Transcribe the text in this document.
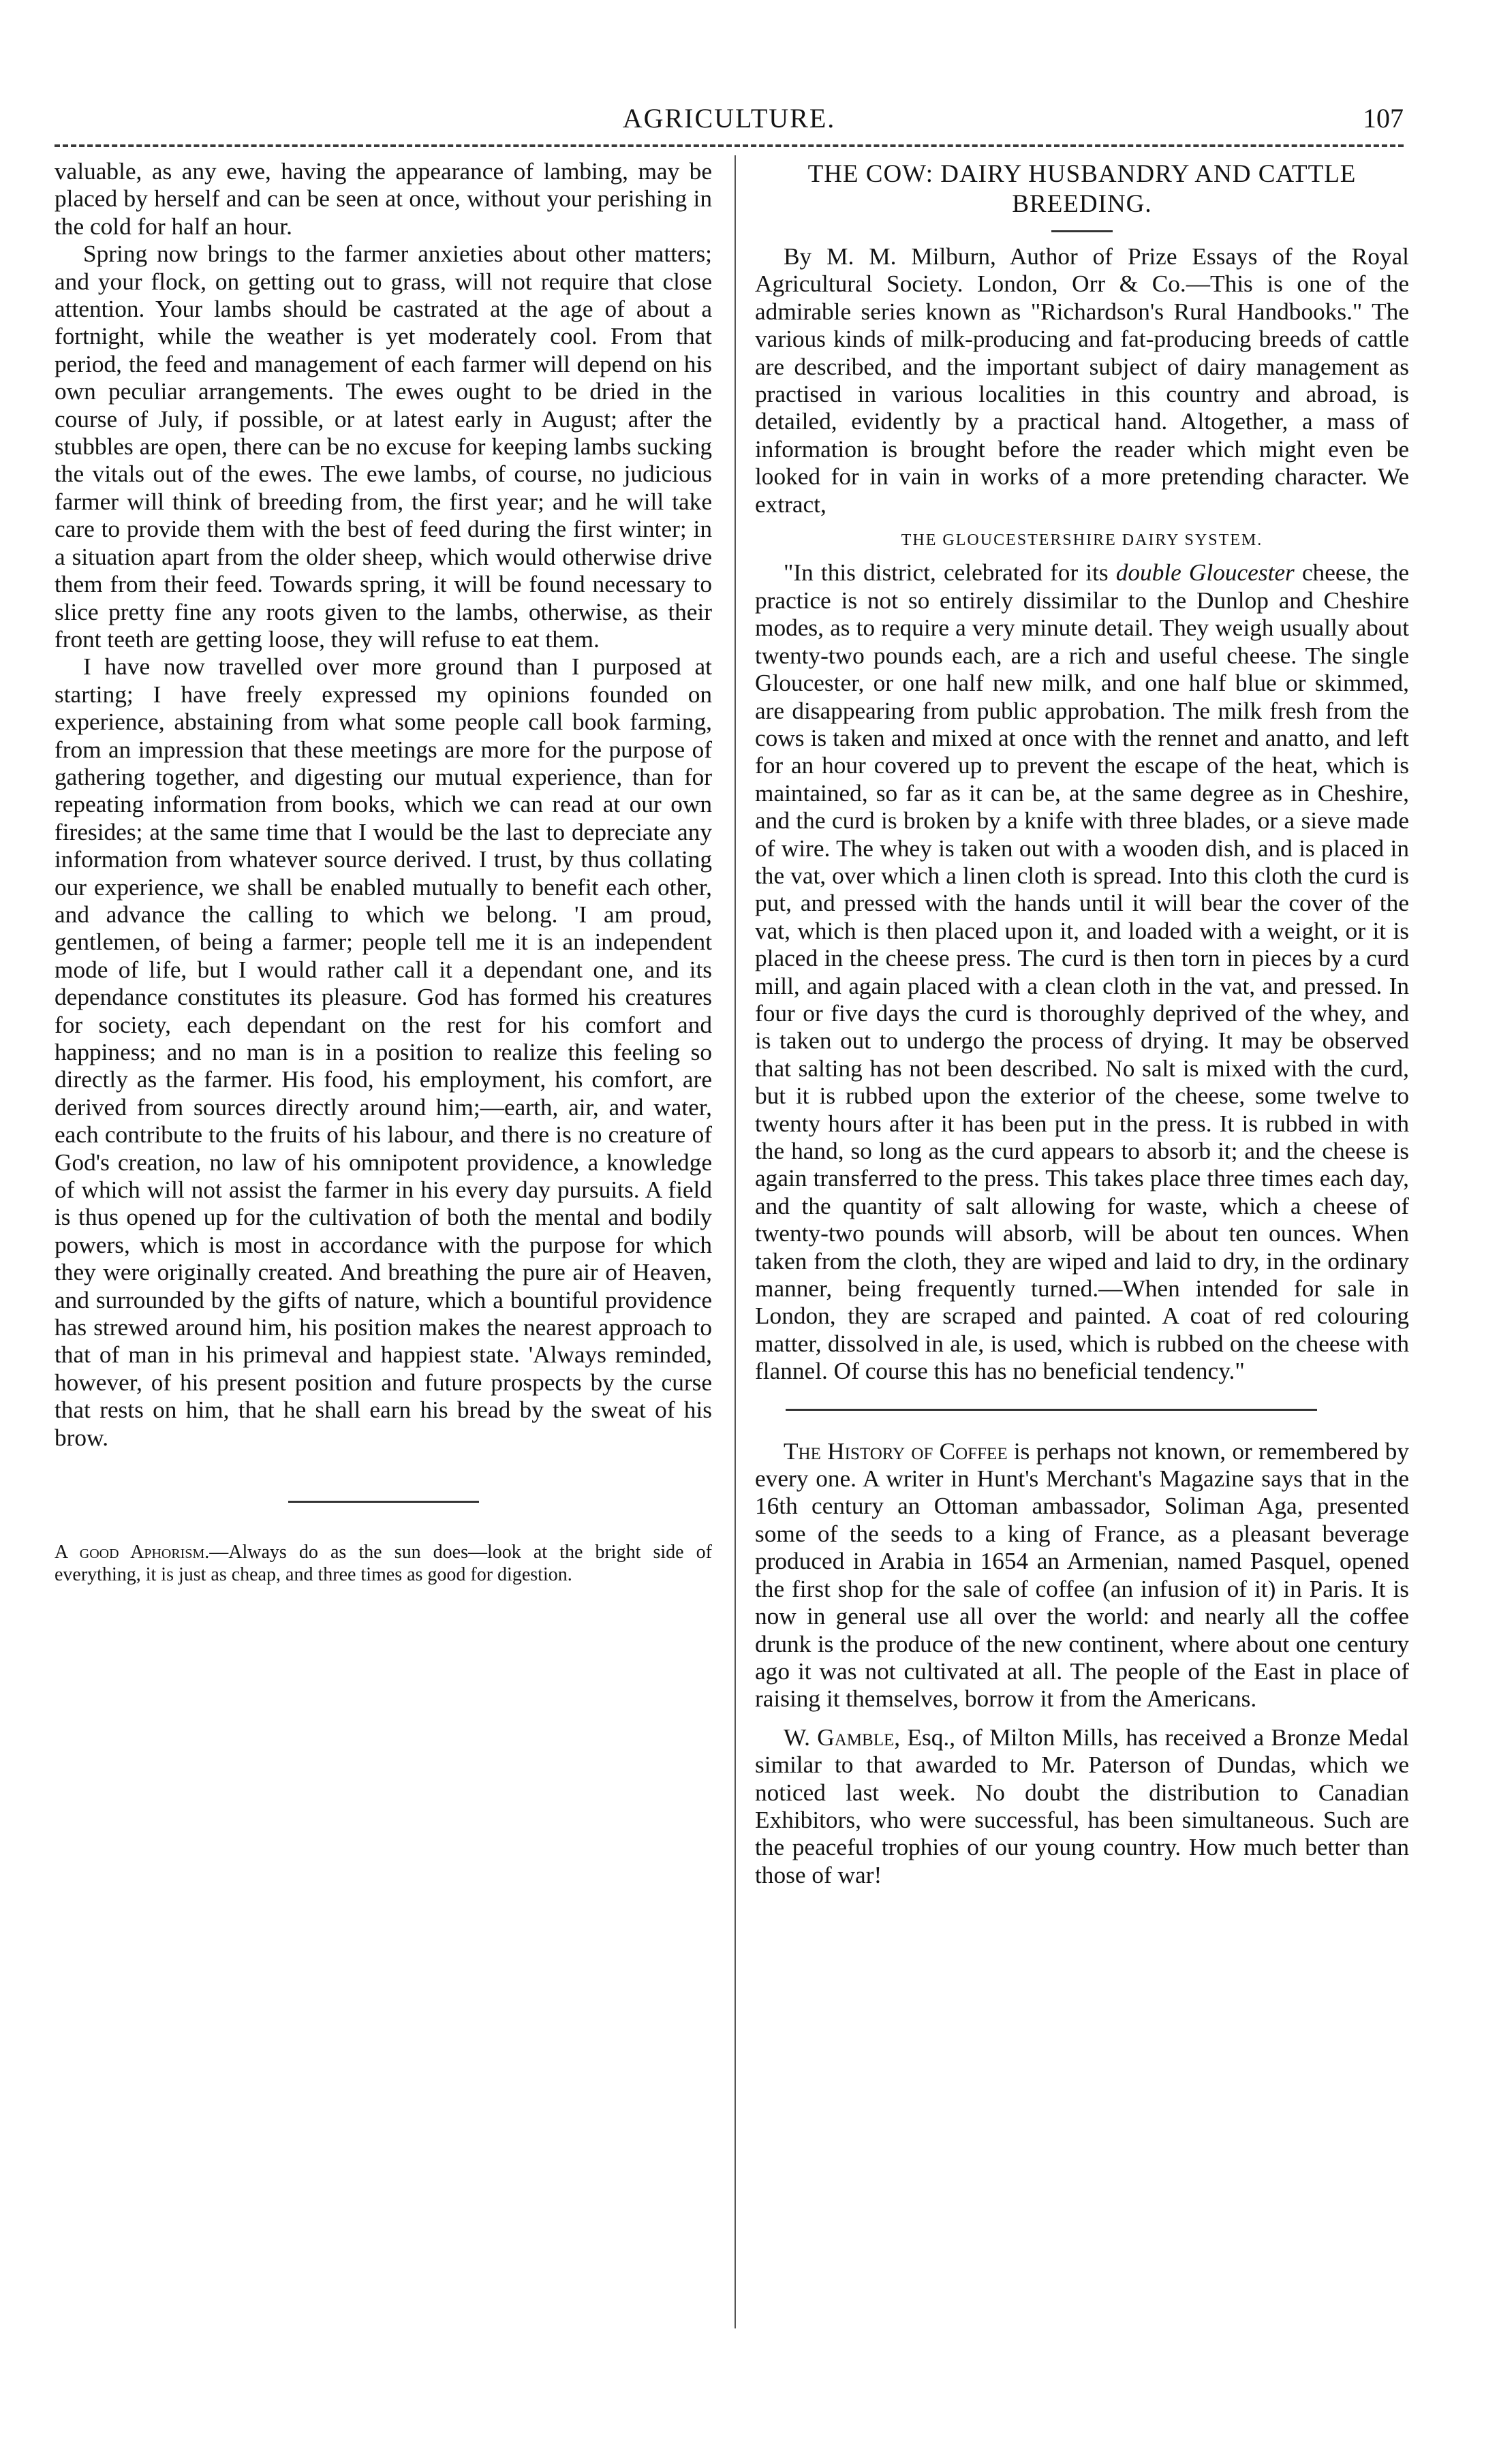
AGRICULTURE.	107

valuable, as any ewe, having the appearance of lambing, may be placed by herself and can be seen at once, without your perishing in the cold for half an hour.

Spring now brings to the farmer anxieties about other matters; and your flock, on getting out to grass, will not require that close attention. Your lambs should be castrated at the age of about a fortnight, while the weather is yet moderately cool. From that period, the feed and management of each farmer will depend on his own peculiar arrangements. The ewes ought to be dried in the course of July, if possible, or at latest early in August; after the stubbles are open, there can be no excuse for keeping lambs sucking the vitals out of the ewes. The ewe lambs, of course, no judicious farmer will think of breeding from, the first year; and he will take care to provide them with the best of feed during the first winter; in a situation apart from the older sheep, which would otherwise drive them from their feed. Towards spring, it will be found necessary to slice pretty fine any roots given to the lambs, otherwise, as their front teeth are getting loose, they will refuse to eat them.

I have now travelled over more ground than I purposed at starting; I have freely expressed my opinions founded on experience, abstaining from what some people call book farming, from an impression that these meetings are more for the purpose of gathering together, and digesting our mutual experience, than for repeating information from books, which we can read at our own firesides; at the same time that I would be the last to depreciate any information from whatever source derived. I trust, by thus collating our experience, we shall be enabled mutually to benefit each other, and advance the calling to which we belong. 'I am proud, gentlemen, of being a farmer; people tell me it is an independent mode of life, but I would rather call it a dependant one, and its dependance constitutes its pleasure. God has formed his creatures for society, each dependant on the rest for his comfort and happiness; and no man is in a position to realize this feeling so directly as the farmer. His food, his employment, his comfort, are derived from sources directly around him;—earth, air, and water, each contribute to the fruits of his labour, and there is no creature of God's creation, no law of his omnipotent providence, a knowledge of which will not assist the farmer in his every day pursuits. A field is thus opened up for the cultivation of both the mental and bodily powers, which is most in accordance with the purpose for which they were originally created. And breathing the pure air of Heaven, and surrounded by the gifts of nature, which a bountiful providence has strewed around him, his position makes the nearest approach to that of man in his primeval and happiest state. 'Always reminded, however, of his present position and future prospects by the curse that rests on him, that he shall earn his bread by the sweat of his brow.

A good Aphorism.—Always do as the sun does—look at the bright side of everything, it is just as cheap, and three times as good for digestion.

THE COW: DAIRY HUSBANDRY AND CATTLE BREEDING.

By M. M. Milburn, Author of Prize Essays of the Royal Agricultural Society. London, Orr & Co.—This is one of the admirable series known as "Richardson's Rural Handbooks." The various kinds of milk-producing and fat-producing breeds of cattle are described, and the important subject of dairy management as practised in various localities in this country and abroad, is detailed, evidently by a practical hand. Altogether, a mass of information is brought before the reader which might even be looked for in vain in works of a more pretending character. We extract,

THE GLOUCESTERSHIRE DAIRY SYSTEM.

"In this district, celebrated for its double Gloucester cheese, the practice is not so entirely dissimilar to the Dunlop and Cheshire modes, as to require a very minute detail. They weigh usually about twenty-two pounds each, are a rich and useful cheese. The single Gloucester, or one half new milk, and one half blue or skimmed, are disappearing from public approbation. The milk fresh from the cows is taken and mixed at once with the rennet and anatto, and left for an hour covered up to prevent the escape of the heat, which is maintained, so far as it can be, at the same degree as in Cheshire, and the curd is broken by a knife with three blades, or a sieve made of wire. The whey is taken out with a wooden dish, and is placed in the vat, over which a linen cloth is spread. Into this cloth the curd is put, and pressed with the hands until it will bear the cover of the vat, which is then placed upon it, and loaded with a weight, or it is placed in the cheese press. The curd is then torn in pieces by a curd mill, and again placed with a clean cloth in the vat, and pressed. In four or five days the curd is thoroughly deprived of the whey, and is taken out to undergo the process of drying. It may be observed that salting has not been described. No salt is mixed with the curd, but it is rubbed upon the exterior of the cheese, some twelve to twenty hours after it has been put in the press. It is rubbed in with the hand, so long as the curd appears to absorb it; and the cheese is again transferred to the press. This takes place three times each day, and the quantity of salt allowing for waste, which a cheese of twenty-two pounds will absorb, will be about ten ounces. When taken from the cloth, they are wiped and laid to dry, in the ordinary manner, being frequently turned.—When intended for sale in London, they are scraped and painted. A coat of red colouring matter, dissolved in ale, is used, which is rubbed on the cheese with flannel. Of course this has no beneficial tendency."

The History of Coffee is perhaps not known, or remembered by every one. A writer in Hunt's Merchant's Magazine says that in the 16th century an Ottoman ambassador, Soliman Aga, presented some of the seeds to a king of France, as a pleasant beverage produced in Arabia in 1654 an Armenian, named Pasquel, opened the first shop for the sale of coffee (an infusion of it) in Paris. It is now in general use all over the world: and nearly all the coffee drunk is the produce of the new continent, where about one century ago it was not cultivated at all. The people of the East in place of raising it themselves, borrow it from the Americans.

W. Gamble, Esq., of Milton Mills, has received a Bronze Medal similar to that awarded to Mr. Paterson of Dundas, which we noticed last week. No doubt the distribution to Canadian Exhibitors, who were successful, has been simultaneous. Such are the peaceful trophies of our young country. How much better than those of war!
